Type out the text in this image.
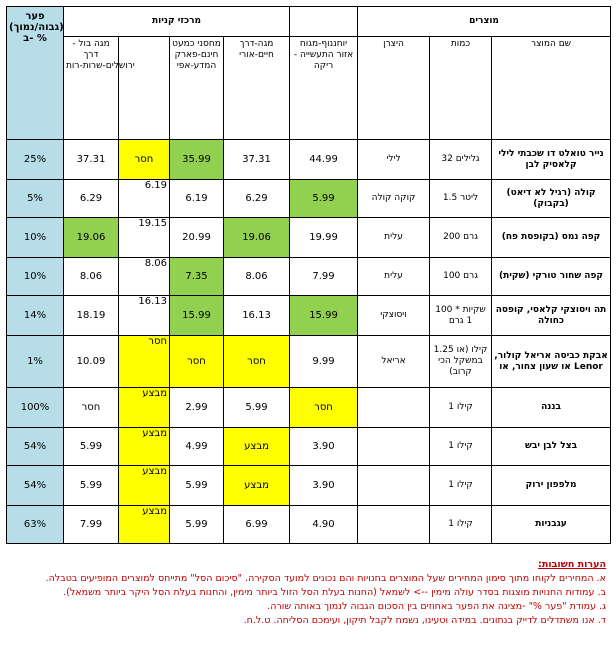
פער (גבוה/נמוך) ב- %	מרכזי קניות					מוצרים		
	מגה בול -דרך ירושלים-שרות-רות		מחסני כמעט חינם-פארק המדע-אפי	מגה-דרך חיים-אורי	יוחננוף-מגוח אזור התעשייה - ריקה	היצרן	כמות	שם המוצר
25%	37.31	חסר	35.99	37.31	44.99	לילי	32 גלילים	נייר טואלט דו שכבתי לילי קלאסיק לבן
5%	6.29	6.19	6.19	6.29	5.99	קוקה קולה	1.5 ליטר	קולה (רגיל לא דיאט) (בקבוק)
10%	19.06	19.15	20.99	19.06	19.99	עלית	200 גרם	קפה נמס (בקופסת פח)
10%	8.06	8.06	7.35	8.06	7.99	עלית	100 גרם	קפה שחור טורקי (שקית)
14%	18.19	16.13	15.99	16.13	15.99	ויסוצקי	100 שקיות * 1 גרם	תה ויסוצקי קלאסי, קופסה כחולה
1%	10.09	חסר	חסר	חסר	9.99	אריאל	1.25 קילו (או במשקל הכי קרוב)	אבקת כביסה אריאל קולור, או שעון צחור, או Lenor
100%	חסר	מבצע	2.99	5.99	חסר		1 קילו	בננה
54%	5.99	מבצע	4.99	מבצע	3.90		1 קילו	בצל לבן יבש
54%	5.99	מבצע	5.99	מבצע	3.90		1 קילו	מלפפון ירוק
63%	7.99	מבצע	5.99	6.99	4.90		1 קילו	עגבניות

הערות חשובות:

א. המחירים לקוחו מתוך סימון המחירים שעל המוצרים בחנויות והם נכונים למועד הסקירה. "סיכום הסל" מתייחס למוצרים המופיעים בטבלה.

ב. עמודות החנויות מוצגות בסדר עולה מימין --> לשמאל (החנות בעלת הסל הזול ביותר מימין, והחנות בעלת הסל היקר ביותר משמאל).

ג. עמודת "פער %" -מציגה את הפער באחוזים בין הסכום הגבוה לנמוך באותה שורה.

ד. אנו משתדלים לדייק בנתונים. במידה וטעינו, נשמח לקבל תיקון, ועימכם הסליחה. ט.ל.ח.
